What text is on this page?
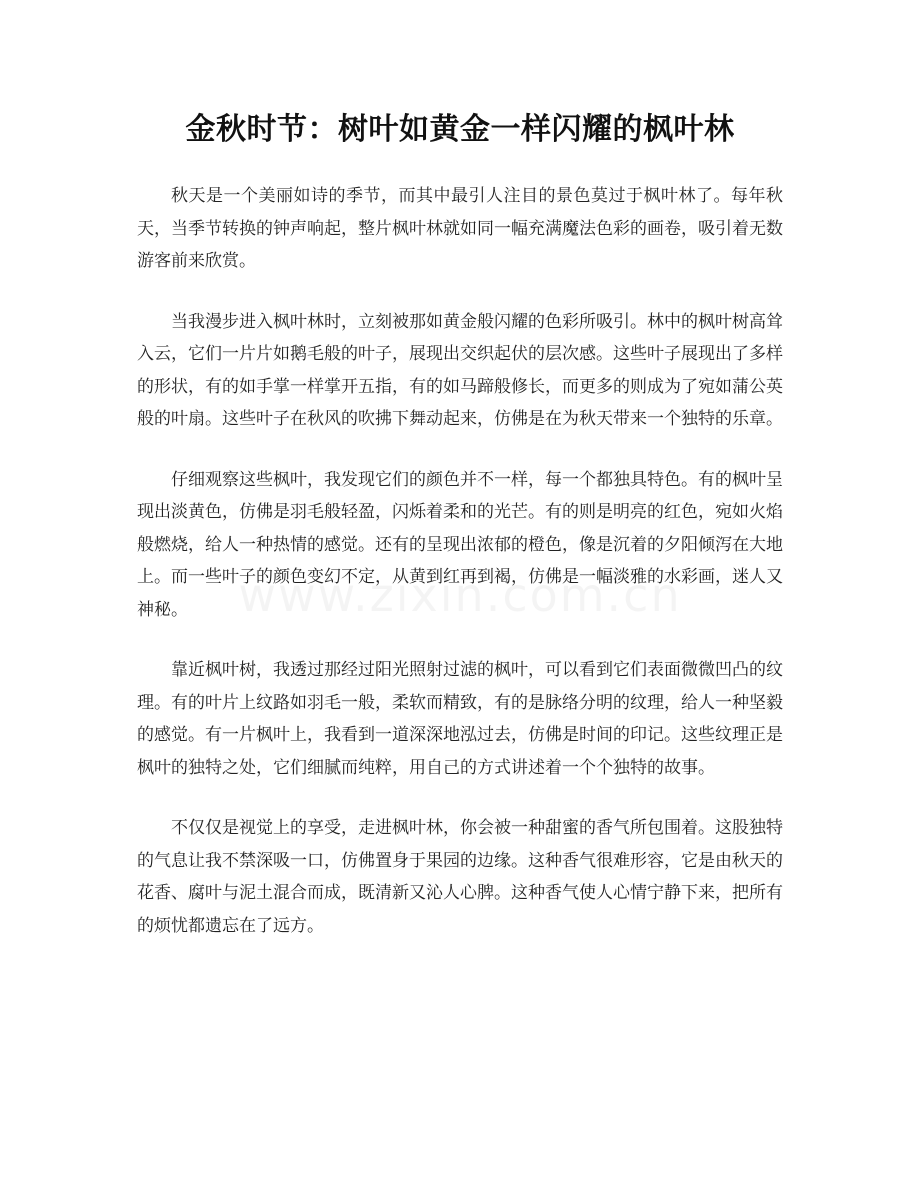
金秋时节：树叶如黄金一样闪耀的枫叶林

秋天是一个美丽如诗的季节，而其中最引人注目的景色莫过于枫叶林了。每年秋天，当季节转换的钟声响起，整片枫叶林就如同一幅充满魔法色彩的画卷，吸引着无数游客前来欣赏。

当我漫步进入枫叶林时，立刻被那如黄金般闪耀的色彩所吸引。林中的枫叶树高耸入云，它们一片片如鹅毛般的叶子，展现出交织起伏的层次感。这些叶子展现出了多样的形状，有的如手掌一样掌开五指，有的如马蹄般修长，而更多的则成为了宛如蒲公英般的叶扇。这些叶子在秋风的吹拂下舞动起来，仿佛是在为秋天带来一个独特的乐章。

仔细观察这些枫叶，我发现它们的颜色并不一样，每一个都独具特色。有的枫叶呈现出淡黄色，仿佛是羽毛般轻盈，闪烁着柔和的光芒。有的则是明亮的红色，宛如火焰般燃烧，给人一种热情的感觉。还有的呈现出浓郁的橙色，像是沉着的夕阳倾泻在大地上。而一些叶子的颜色变幻不定，从黄到红再到褐，仿佛是一幅淡雅的水彩画，迷人又神秘。

靠近枫叶树，我透过那经过阳光照射过滤的枫叶，可以看到它们表面微微凹凸的纹理。有的叶片上纹路如羽毛一般，柔软而精致，有的是脉络分明的纹理，给人一种坚毅的感觉。有一片枫叶上，我看到一道深深地泓过去，仿佛是时间的印记。这些纹理正是枫叶的独特之处，它们细腻而纯粹，用自己的方式讲述着一个个独特的故事。

不仅仅是视觉上的享受，走进枫叶林，你会被一种甜蜜的香气所包围着。这股独特的气息让我不禁深吸一口，仿佛置身于果园的边缘。这种香气很难形容，它是由秋天的花香、腐叶与泥土混合而成，既清新又沁人心脾。这种香气使人心情宁静下来，把所有的烦忧都遗忘在了远方。
